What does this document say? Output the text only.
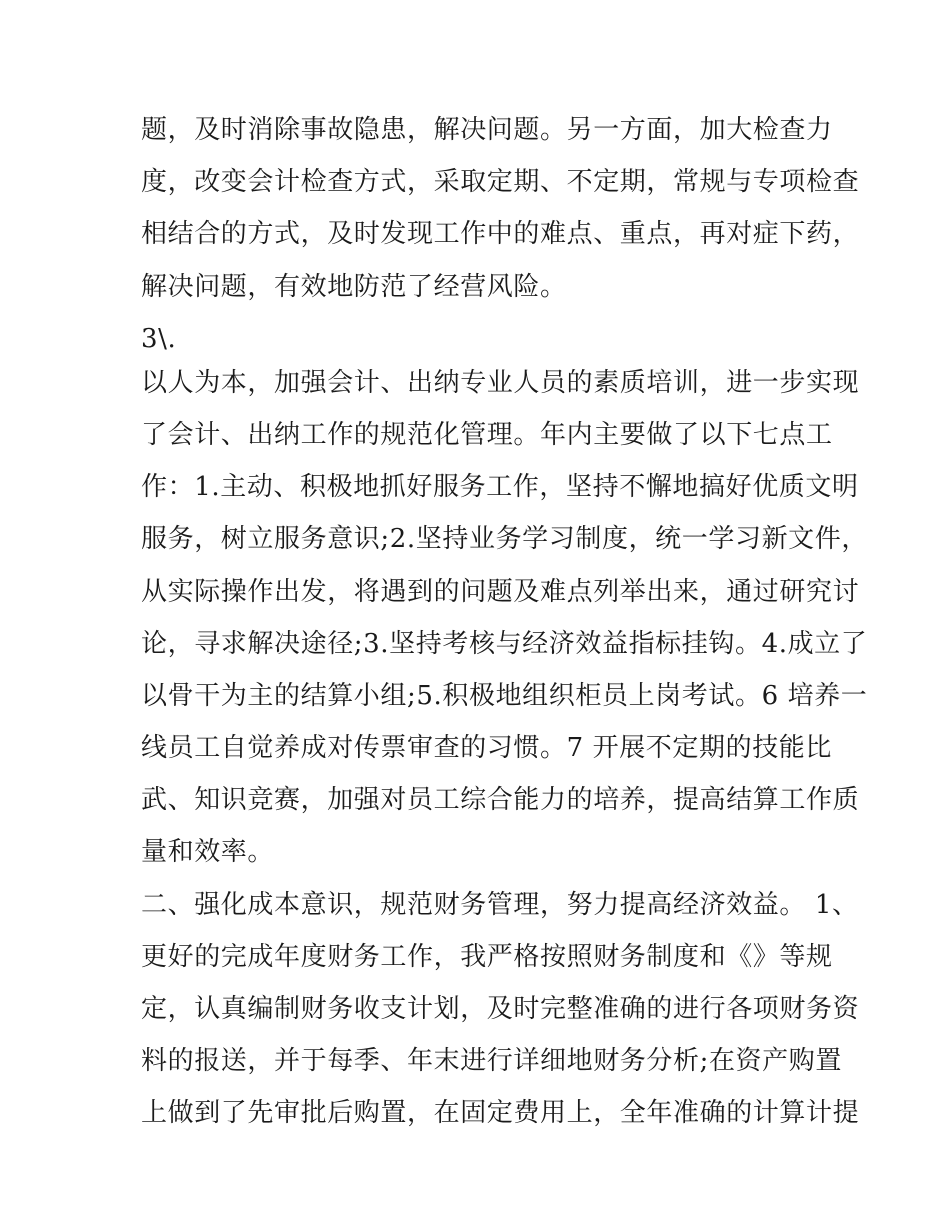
题，及时消除事故隐患，解决问题。另一方面，加大检查力
度，改变会计检查方式，采取定期、不定期，常规与专项检查
相结合的方式，及时发现工作中的难点、重点，再对症下药，
解决问题，有效地防范了经营风险。
3\.
以人为本，加强会计、出纳专业人员的素质培训，进一步实现
了会计、出纳工作的规范化管理。年内主要做了以下七点工
作：1.主动、积极地抓好服务工作，坚持不懈地搞好优质文明
服务，树立服务意识;2.坚持业务学习制度，统一学习新文件，
从实际操作出发，将遇到的问题及难点列举出来，通过研究讨
论，寻求解决途径;3.坚持考核与经济效益指标挂钩。4.成立了
以骨干为主的结算小组;5.积极地组织柜员上岗考试。6 培养一
线员工自觉养成对传票审查的习惯。7 开展不定期的技能比
武、知识竞赛，加强对员工综合能力的培养，提高结算工作质
量和效率。
二、强化成本意识，规范财务管理，努力提高经济效益。 1、
更好的完成年度财务工作，我严格按照财务制度和《》等规
定，认真编制财务收支计划，及时完整准确的进行各项财务资
料的报送，并于每季、年末进行详细地财务分析;在资产购置
上做到了先审批后购置，在固定费用上，全年准确的计算计提
